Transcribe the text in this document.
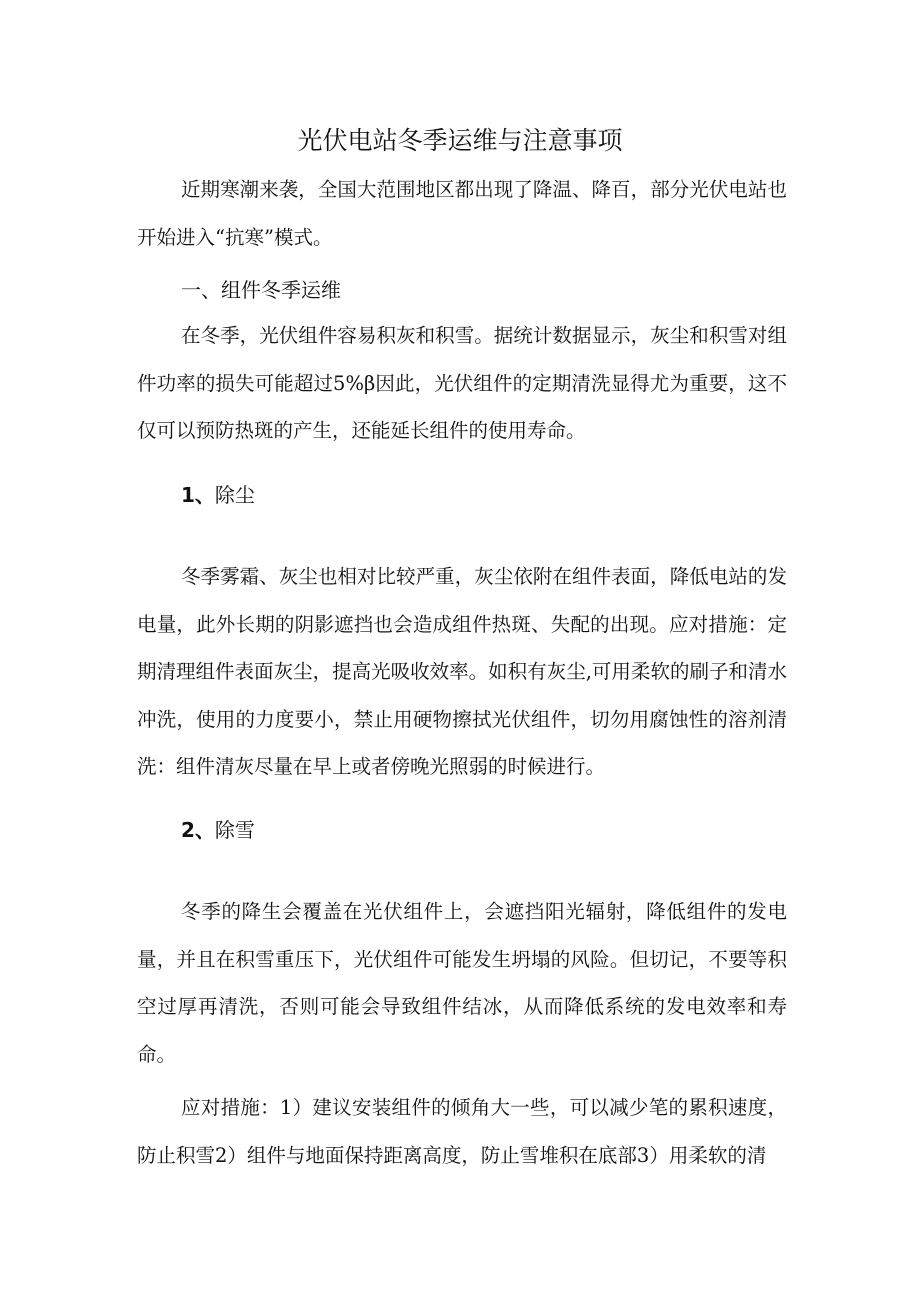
光伏电站冬季运维与注意事项

近期寒潮来袭，全国大范围地区都出现了降温、降百，部分光伏电站也开始进入“抗寒”模式。

一、组件冬季运维

在冬季，光伏组件容易积灰和积雪。据统计数据显示，灰尘和积雪对组件功率的损失可能超过5%β因此，光伏组件的定期清洗显得尤为重要，这不仅可以预防热斑的产生，还能延长组件的使用寿命。

1、除尘

冬季雾霜、灰尘也相对比较严重，灰尘依附在组件表面，降低电站的发电量，此外长期的阴影遮挡也会造成组件热斑、失配的出现。应对措施：定期清理组件表面灰尘，提高光吸收效率。如积有灰尘,可用柔软的刷子和清水冲洗，使用的力度要小，禁止用硬物擦拭光伏组件，切勿用腐蚀性的溶剂清洗：组件清灰尽量在早上或者傍晚光照弱的时候进行。

2、除雪

冬季的降生会覆盖在光伏组件上，会遮挡阳光辐射，降低组件的发电量，并且在积雪重压下，光伏组件可能发生坍塌的风险。但切记，不要等积空过厚再清洗，否则可能会导致组件结冰，从而降低系统的发电效率和寿命。

应对措施：1）建议安装组件的倾角大一些，可以减少笔的累积速度，防止积雪2）组件与地面保持距离高度，防止雪堆积在底部3）用柔软的清
